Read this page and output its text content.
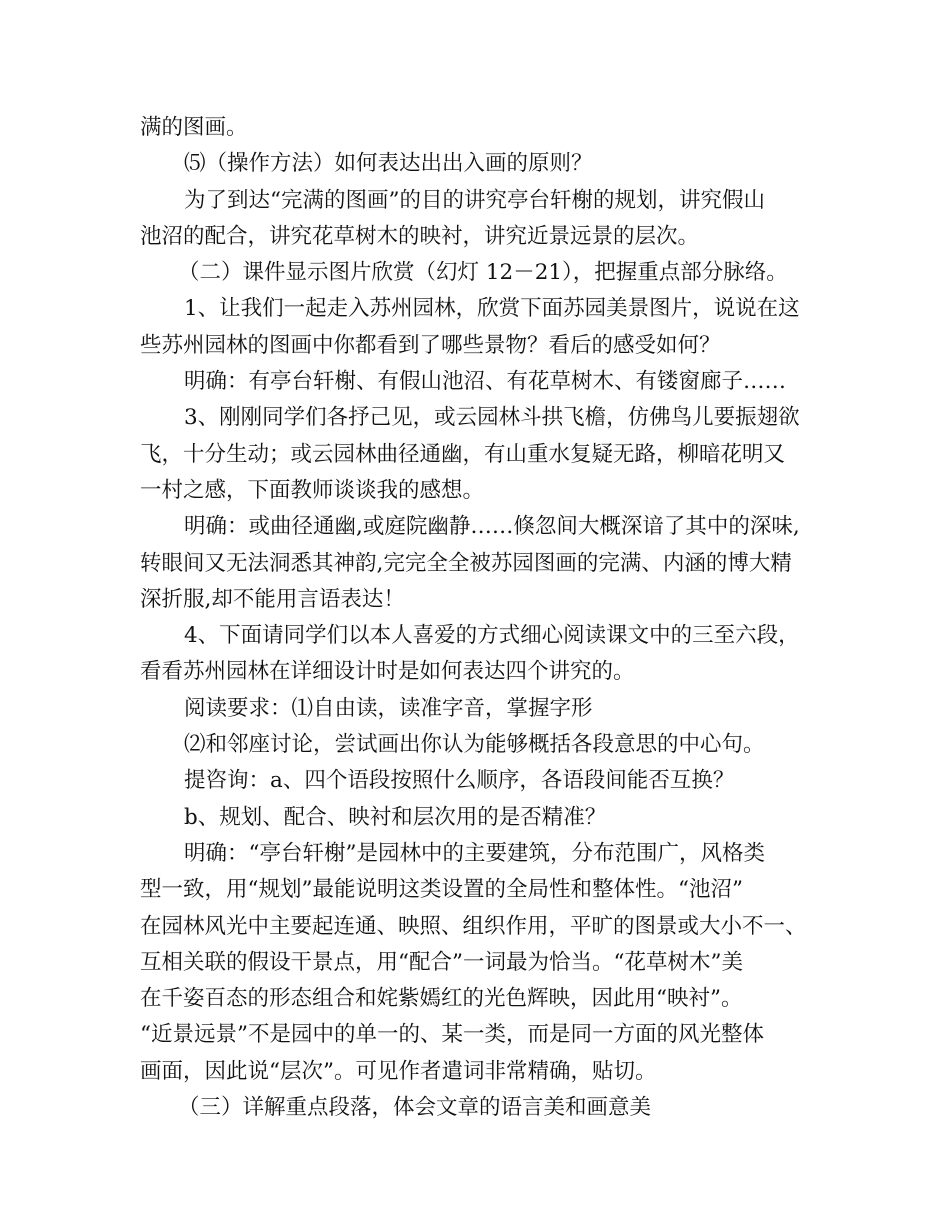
满的图画。
⑸（操作方法）如何表达出出入画的原则？
为了到达“完满的图画”的目的讲究亭台轩榭的规划，讲究假山
池沼的配合，讲究花草树木的映衬，讲究近景远景的层次。
（二）课件显示图片欣赏（幻灯 12－21），把握重点部分脉络。
1、让我们一起走入苏州园林，欣赏下面苏园美景图片，说说在这
些苏州园林的图画中你都看到了哪些景物？看后的感受如何？
明确：有亭台轩榭、有假山池沼、有花草树木、有镂窗廊子……
3、刚刚同学们各抒己见，或云园林斗拱飞檐，仿佛鸟儿要振翅欲
飞，十分生动；或云园林曲径通幽，有山重水复疑无路，柳暗花明又
一村之感，下面教师谈谈我的感想。
明确：或曲径通幽,或庭院幽静……倏忽间大概深谙了其中的深味,
转眼间又无法洞悉其神韵,完完全全被苏园图画的完满、内涵的博大精
深折服,却不能用言语表达！
4、下面请同学们以本人喜爱的方式细心阅读课文中的三至六段，
看看苏州园林在详细设计时是如何表达四个讲究的。
阅读要求：⑴自由读，读准字音，掌握字形
⑵和邻座讨论，尝试画出你认为能够概括各段意思的中心句。
提咨询：a、四个语段按照什么顺序，各语段间能否互换？
b、规划、配合、映衬和层次用的是否精准？
明确：“亭台轩榭”是园林中的主要建筑，分布范围广，风格类
型一致，用“规划”最能说明这类设置的全局性和整体性。“池沼”
在园林风光中主要起连通、映照、组织作用，平旷的图景或大小不一、
互相关联的假设干景点，用“配合”一词最为恰当。“花草树木”美
在千姿百态的形态组合和姹紫嫣红的光色辉映，因此用“映衬”。
“近景远景”不是园中的单一的、某一类，而是同一方面的风光整体
画面，因此说“层次”。可见作者遣词非常精确，贴切。
（三）详解重点段落，体会文章的语言美和画意美
